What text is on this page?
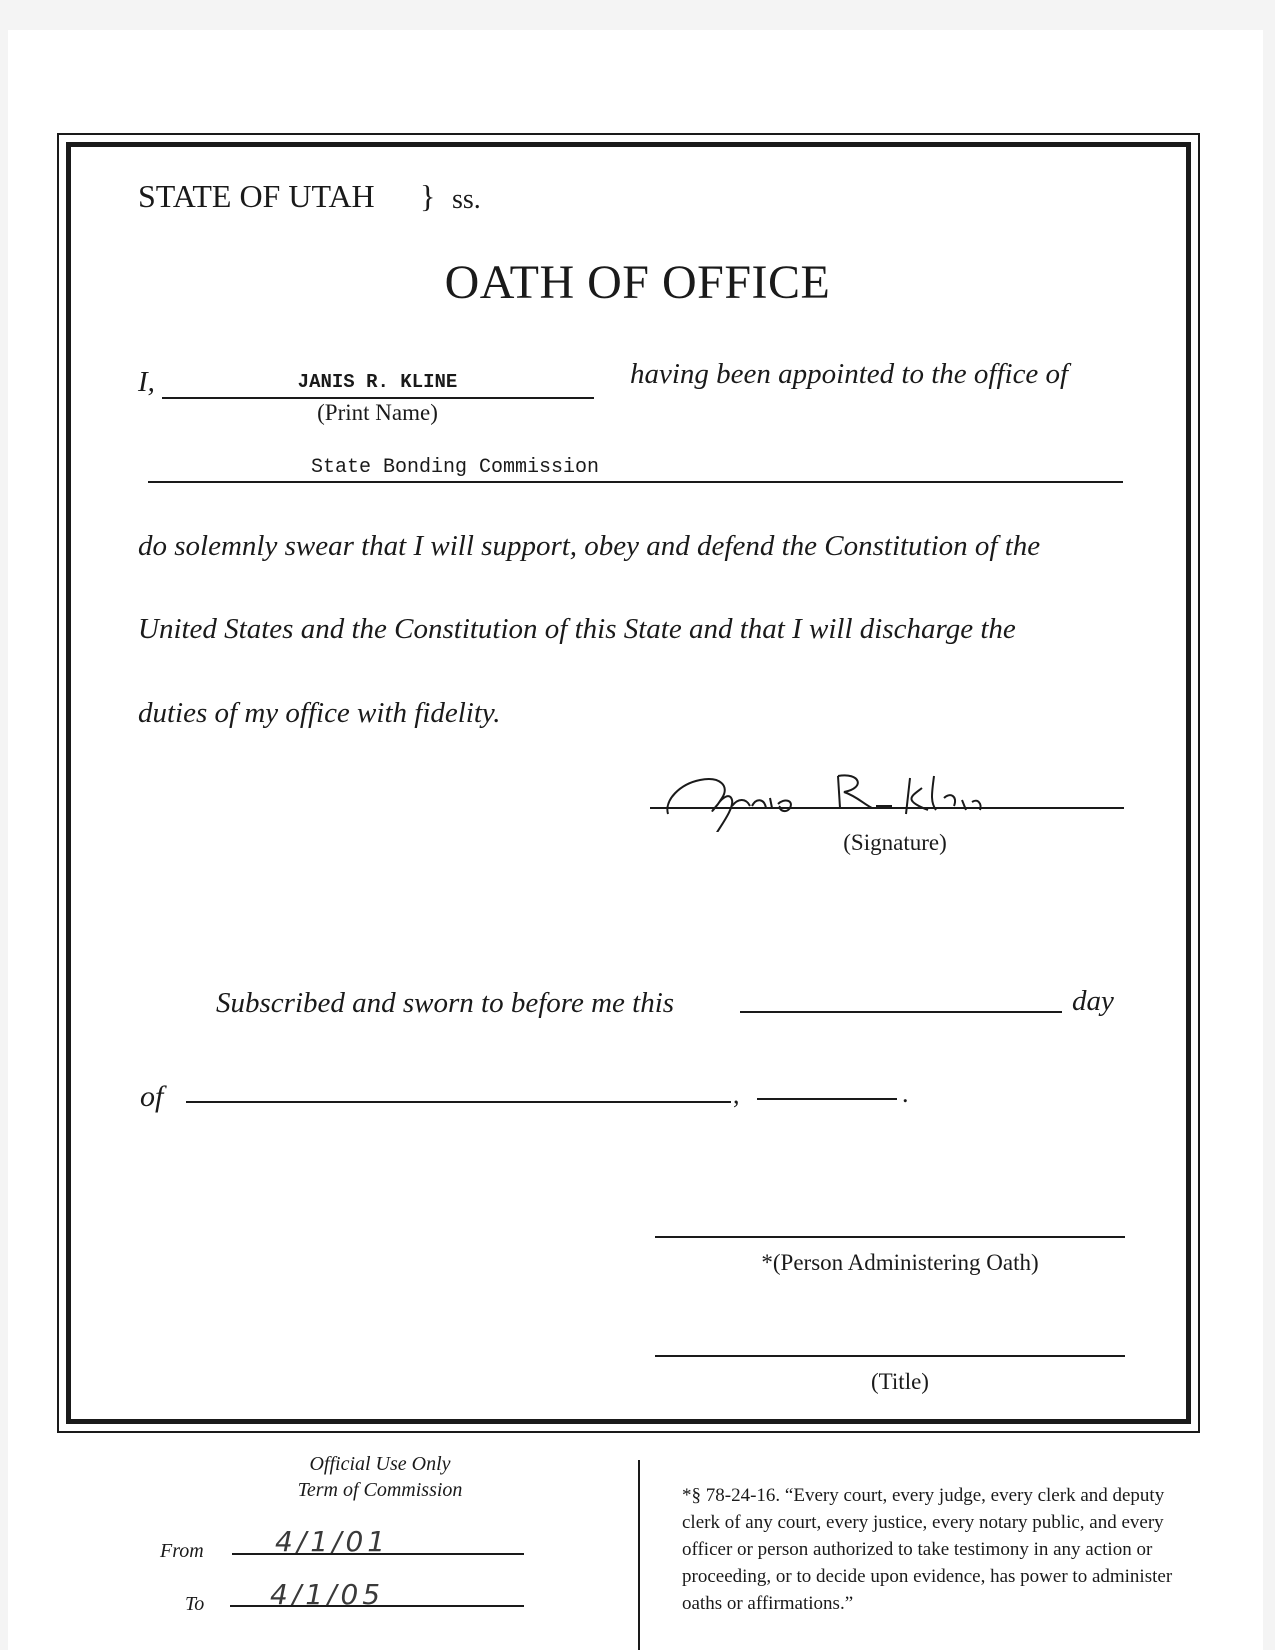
STATE OF UTAH } ss.
OATH OF OFFICE
I,	JANIS R. KLINE	having been appointed to the office of
(Print Name)
State Bonding Commission
do solemnly swear that I will support, obey and defend the Constitution of the
United States and the Constitution of this State and that I will discharge the
duties of my office with fidelity.
(Signature)
Subscribed and sworn to before me this	day
of	,	.
*(Person Administering Oath)
(Title)
Official Use Only
Term of Commission
From	4/1/01
To 4/1/05
*§ 78-24-16. “Every court, every judge, every clerk and deputy clerk of any court, every justice, every notary public, and every officer or person authorized to take testimony in any action or proceeding, or to decide upon evidence, has power to administer oaths or affirmations.”
